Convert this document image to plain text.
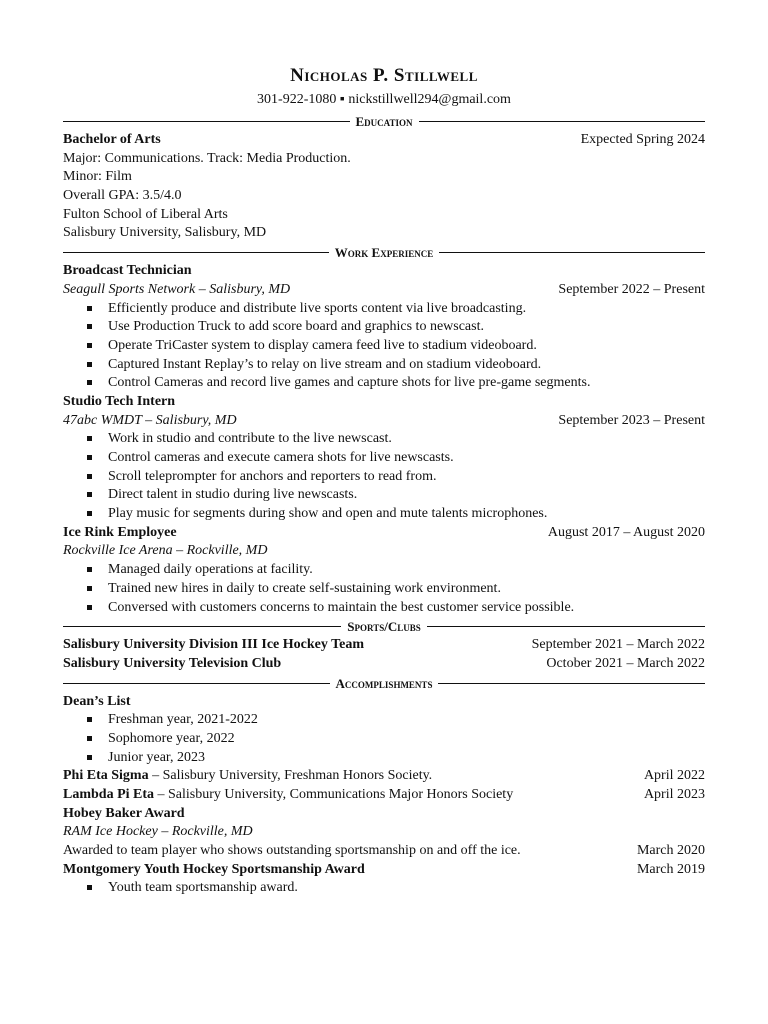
Nicholas P. Stillwell
301-922-1080 ▪ nickstillwell294@gmail.com
Education
Bachelor of Arts	Expected Spring 2024
Major: Communications. Track: Media Production.
Minor: Film
Overall GPA: 3.5/4.0
Fulton School of Liberal Arts
Salisbury University, Salisbury, MD
Work Experience
Broadcast Technician
Seagull Sports Network – Salisbury, MD	September 2022 – Present
Efficiently produce and distribute live sports content via live broadcasting.
Use Production Truck to add score board and graphics to newscast.
Operate TriCaster system to display camera feed live to stadium videoboard.
Captured Instant Replay’s to relay on live stream and on stadium videoboard.
Control Cameras and record live games and capture shots for live pre-game segments.
Studio Tech Intern
47abc WMDT – Salisbury, MD	September 2023 – Present
Work in studio and contribute to the live newscast.
Control cameras and execute camera shots for live newscasts.
Scroll teleprompter for anchors and reporters to read from.
Direct talent in studio during live newscasts.
Play music for segments during show and open and mute talents microphones.
Ice Rink Employee	August 2017 – August 2020
Rockville Ice Arena – Rockville, MD
Managed daily operations at facility.
Trained new hires in daily to create self-sustaining work environment.
Conversed with customers concerns to maintain the best customer service possible.
Sports/Clubs
Salisbury University Division III Ice Hockey Team	September 2021 – March 2022
Salisbury University Television Club	October 2021 – March 2022
Accomplishments
Dean’s List
Freshman year, 2021-2022
Sophomore year, 2022
Junior year, 2023
Phi Eta Sigma – Salisbury University, Freshman Honors Society.	April 2022
Lambda Pi Eta – Salisbury University, Communications Major Honors Society	April 2023
Hobey Baker Award
RAM Ice Hockey – Rockville, MD
Awarded to team player who shows outstanding sportsmanship on and off the ice.	March 2020
Montgomery Youth Hockey Sportsmanship Award	March 2019
Youth team sportsmanship award.
